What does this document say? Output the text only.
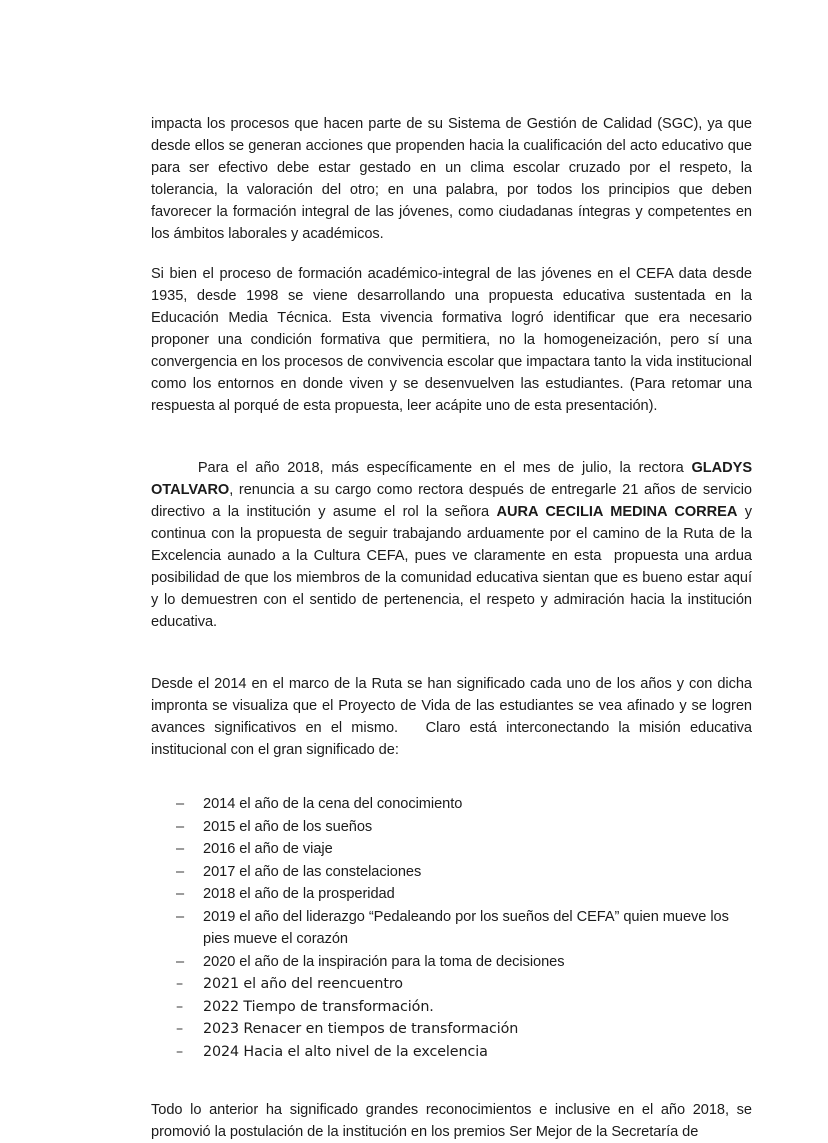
impacta los procesos que hacen parte de su Sistema de Gestión de Calidad (SGC), ya que desde ellos se generan acciones que propenden hacia la cualificación del acto educativo que para ser efectivo debe estar gestado en un clima escolar cruzado por el respeto, la tolerancia, la valoración del otro; en una palabra, por todos los principios que deben favorecer la formación integral de las jóvenes, como ciudadanas íntegras y competentes en los ámbitos laborales y académicos.

Si bien el proceso de formación académico-integral de las jóvenes en el CEFA data desde 1935, desde 1998 se viene desarrollando una propuesta educativa sustentada en la Educación Media Técnica. Esta vivencia formativa logró identificar que era necesario proponer una condición formativa que permitiera, no la homogeneización, pero sí una convergencia en los procesos de convivencia escolar que impactara tanto la vida institucional como los entornos en donde viven y se desenvuelven las estudiantes. (Para retomar una respuesta al porqué de esta propuesta, leer acápite uno de esta presentación).

Para el año 2018, más específicamente en el mes de julio, la rectora GLADYS OTALVARO, renuncia a su cargo como rectora después de entregarle 21 años de servicio directivo a la institución y asume el rol la señora AURA CECILIA MEDINA CORREA y continua con la propuesta de seguir trabajando arduamente por el camino de la Ruta de la Excelencia aunado a la Cultura CEFA, pues ve claramente en esta  propuesta una ardua posibilidad de que los miembros de la comunidad educativa sientan que es bueno estar aquí y lo demuestren con el sentido de pertenencia, el respeto y admiración hacia la institución educativa.

Desde el 2014 en el marco de la Ruta se han significado cada uno de los años y con dicha impronta se visualiza que el Proyecto de Vida de las estudiantes se vea afinado y se logren avances significativos en el mismo.   Claro está interconectando la misión educativa institucional con el gran significado de:

–	2014 el año de la cena del conocimiento
–	2015 el año de los sueños
–	2016 el año de viaje
–	2017 el año de las constelaciones
–	2018 el año de la prosperidad
–	2019 el año del liderazgo “Pedaleando por los sueños del CEFA” quien mueve los pies mueve el corazón
–	2020 el año de la inspiración para la toma de decisiones
–	2021 el año del reencuentro
–	2022 Tiempo de transformación.
–	2023 Renacer en tiempos de transformación
–	2024 Hacia el alto nivel de la excelencia

Todo lo anterior ha significado grandes reconocimientos e inclusive en el año 2018, se promovió la postulación de la institución en los premios Ser Mejor de la Secretaría de
